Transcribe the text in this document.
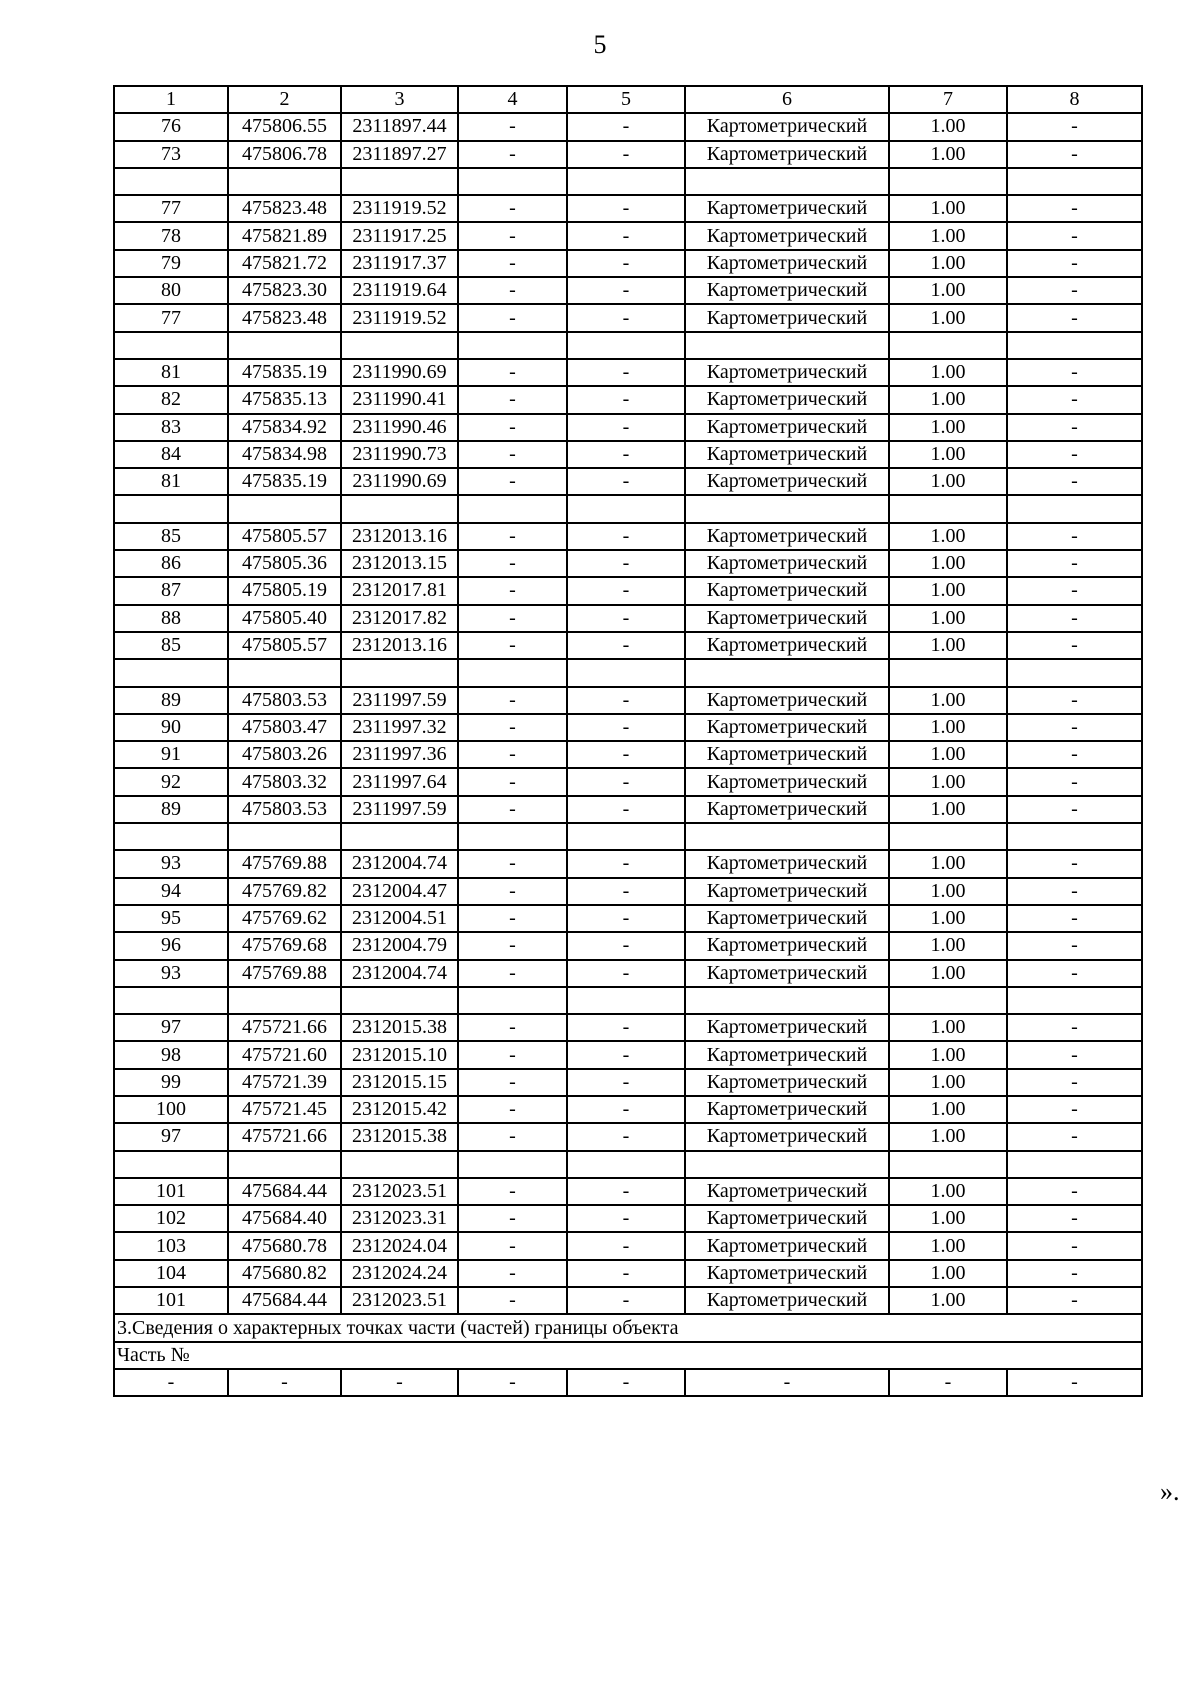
5
1	2	3	4	5	6	7	8
76	475806.55	2311897.44	-	-	Картометрический	1.00	-
73	475806.78	2311897.27	-	-	Картометрический	1.00	-

77	475823.48	2311919.52	-	-	Картометрический	1.00	-
78	475821.89	2311917.25	-	-	Картометрический	1.00	-
79	475821.72	2311917.37	-	-	Картометрический	1.00	-
80	475823.30	2311919.64	-	-	Картометрический	1.00	-
77	475823.48	2311919.52	-	-	Картометрический	1.00	-

81	475835.19	2311990.69	-	-	Картометрический	1.00	-
82	475835.13	2311990.41	-	-	Картометрический	1.00	-
83	475834.92	2311990.46	-	-	Картометрический	1.00	-
84	475834.98	2311990.73	-	-	Картометрический	1.00	-
81	475835.19	2311990.69	-	-	Картометрический	1.00	-

85	475805.57	2312013.16	-	-	Картометрический	1.00	-
86	475805.36	2312013.15	-	-	Картометрический	1.00	-
87	475805.19	2312017.81	-	-	Картометрический	1.00	-
88	475805.40	2312017.82	-	-	Картометрический	1.00	-
85	475805.57	2312013.16	-	-	Картометрический	1.00	-

89	475803.53	2311997.59	-	-	Картометрический	1.00	-
90	475803.47	2311997.32	-	-	Картометрический	1.00	-
91	475803.26	2311997.36	-	-	Картометрический	1.00	-
92	475803.32	2311997.64	-	-	Картометрический	1.00	-
89	475803.53	2311997.59	-	-	Картометрический	1.00	-

93	475769.88	2312004.74	-	-	Картометрический	1.00	-
94	475769.82	2312004.47	-	-	Картометрический	1.00	-
95	475769.62	2312004.51	-	-	Картометрический	1.00	-
96	475769.68	2312004.79	-	-	Картометрический	1.00	-
93	475769.88	2312004.74	-	-	Картометрический	1.00	-

97	475721.66	2312015.38	-	-	Картометрический	1.00	-
98	475721.60	2312015.10	-	-	Картометрический	1.00	-
99	475721.39	2312015.15	-	-	Картометрический	1.00	-
100	475721.45	2312015.42	-	-	Картометрический	1.00	-
97	475721.66	2312015.38	-	-	Картометрический	1.00	-

101	475684.44	2312023.51	-	-	Картометрический	1.00	-
102	475684.40	2312023.31	-	-	Картометрический	1.00	-
103	475680.78	2312024.04	-	-	Картометрический	1.00	-
104	475680.82	2312024.24	-	-	Картометрический	1.00	-
101	475684.44	2312023.51	-	-	Картометрический	1.00	-
3.Сведения о характерных точках части (частей) границы объекта							
Часть №							
-	-	-	-	-	-	-	-
».
